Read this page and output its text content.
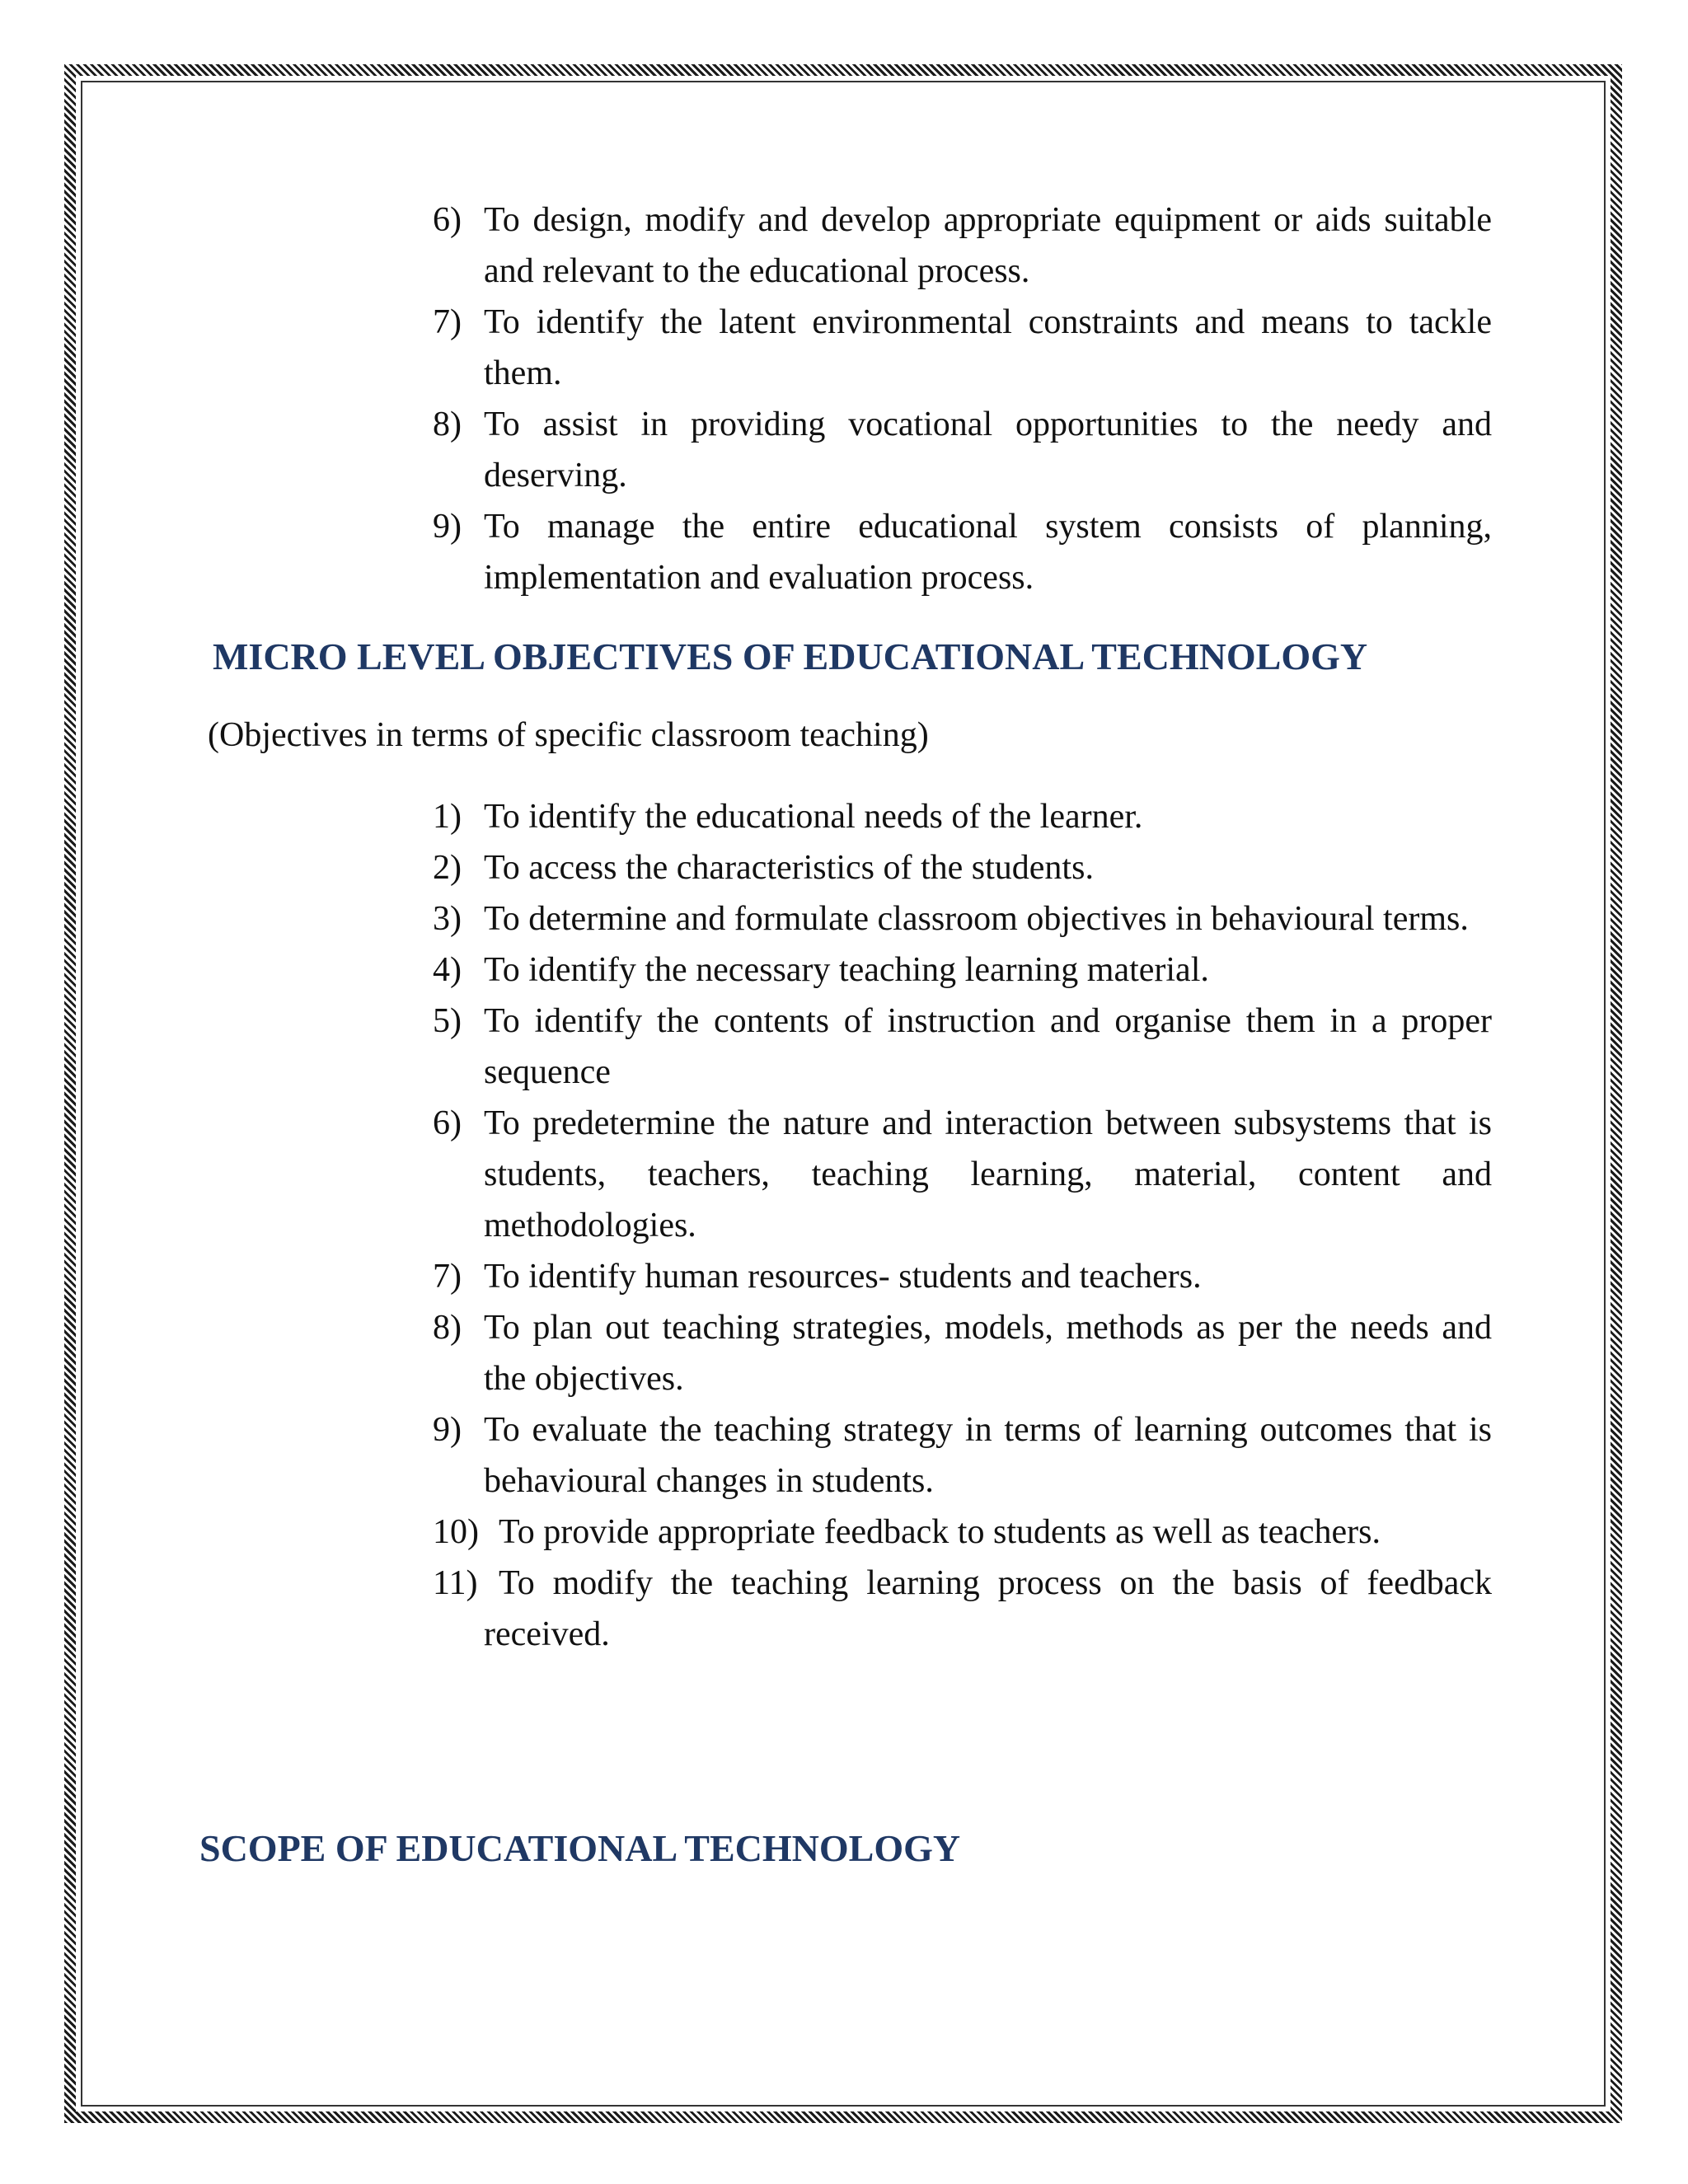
6) To design, modify and develop appropriate equipment or aids suitable and relevant to the educational process.
7) To identify the latent environmental constraints and means to tackle them.
8) To assist in providing vocational opportunities to the needy and deserving.
9) To manage the entire educational system consists of planning, implementation and evaluation process.
MICRO LEVEL OBJECTIVES OF EDUCATIONAL TECHNOLOGY
(Objectives in terms of specific classroom teaching)
1) To identify the educational needs of the learner.
2) To access the characteristics of the students.
3) To determine and formulate classroom objectives in behavioural terms.
4) To identify the necessary teaching learning material.
5) To identify the contents of instruction and organise them in a proper sequence
6) To predetermine the nature and interaction between subsystems that is students, teachers, teaching learning, material, content and methodologies.
7) To identify human resources- students and teachers.
8) To plan out teaching strategies, models, methods as per the needs and the objectives.
9) To evaluate the teaching strategy in terms of learning outcomes that is behavioural changes in students.
10) To provide appropriate feedback to students as well as teachers.
11) To modify the teaching learning process on the basis of feedback received.
SCOPE OF EDUCATIONAL TECHNOLOGY
